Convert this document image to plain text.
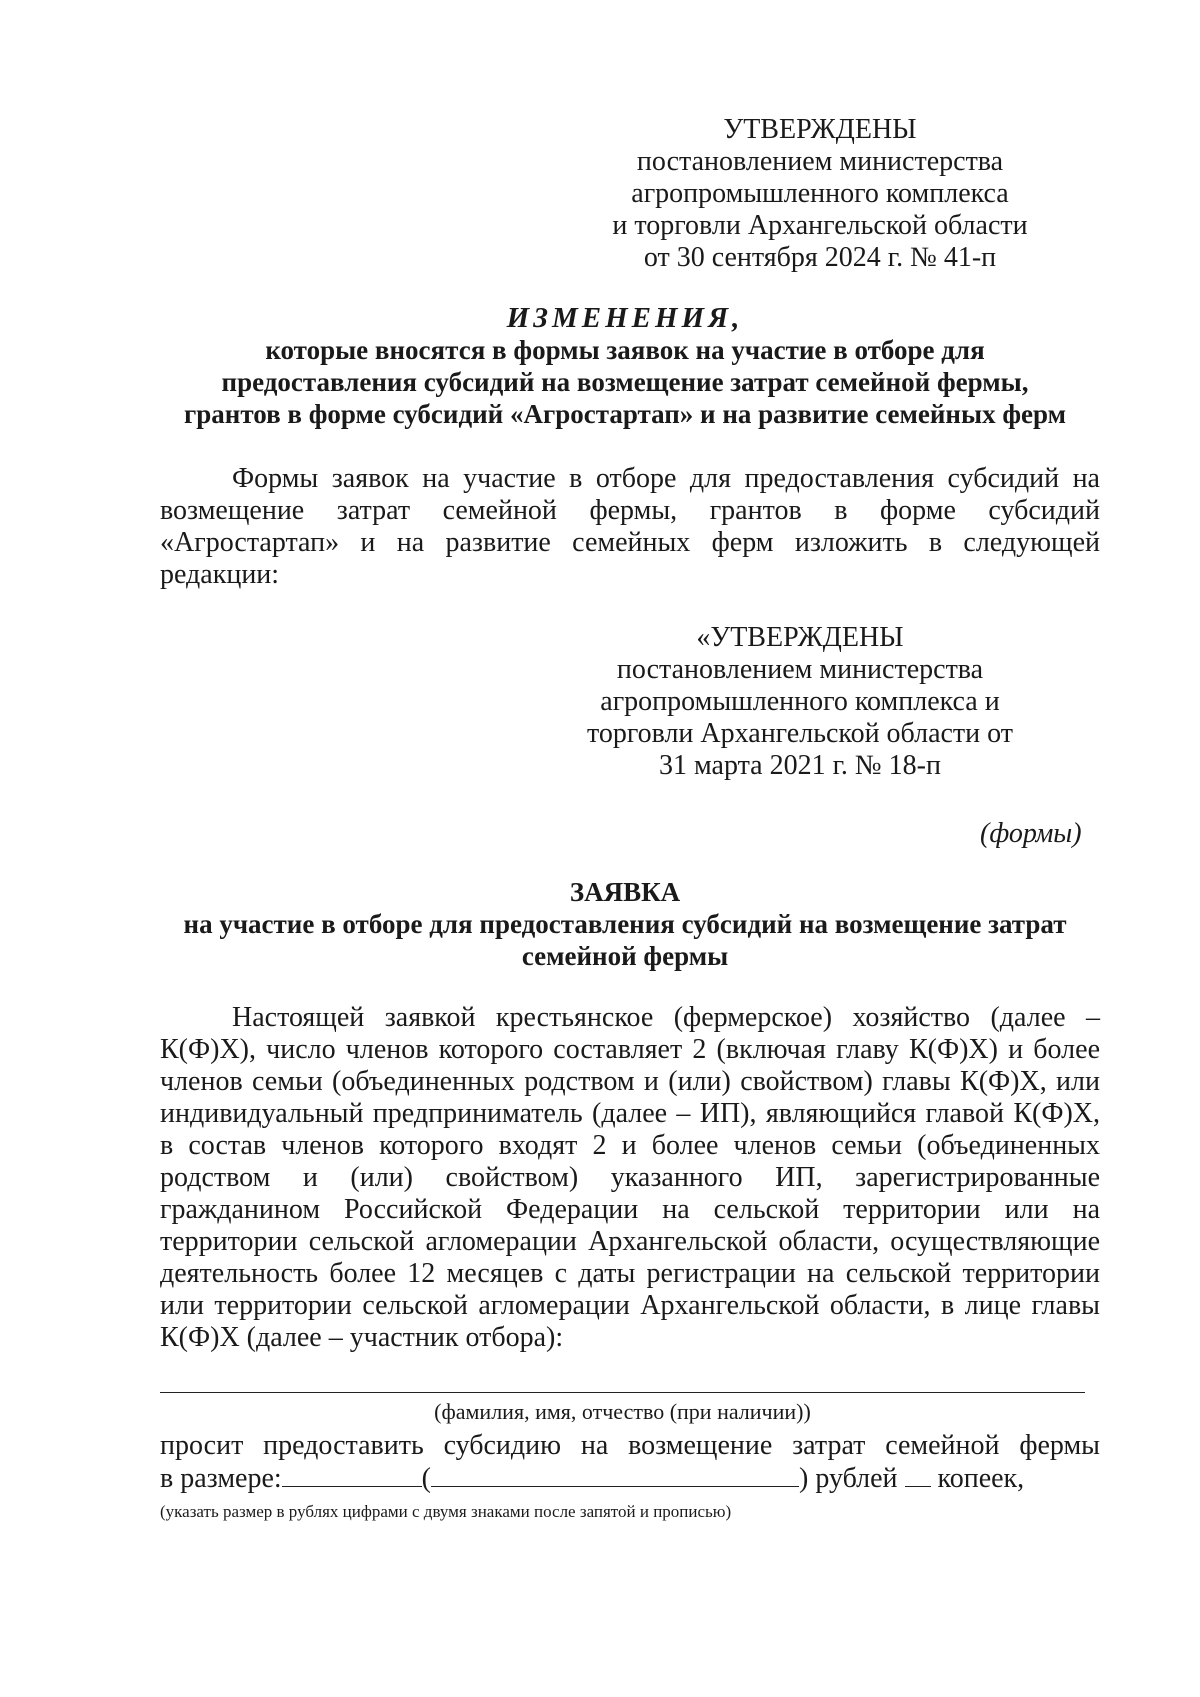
УТВЕРЖДЕНЫ
постановлением министерства
агропромышленного комплекса
и торговли Архангельской области
от 30 сентября 2024 г. № 41-п
ИЗМЕНЕНИЯ,
которые вносятся в формы заявок на участие в отборе для
предоставления субсидий на возмещение затрат семейной фермы,
грантов в форме субсидий «Агростартап» и на развитие семейных ферм
Формы заявок на участие в отборе для предоставления субсидий на возмещение затрат семейной фермы, грантов в форме субсидий «Агростартап» и на развитие семейных ферм изложить в следующей редакции:
«УТВЕРЖДЕНЫ
постановлением министерства
агропромышленного комплекса и
торговли Архангельской области от
31 марта 2021 г. № 18-п
(формы)
ЗАЯВКА
на участие в отборе для предоставления субсидий на возмещение затрат
семейной фермы
Настоящей заявкой крестьянское (фермерское) хозяйство (далее – К(Ф)Х), число членов которого составляет 2 (включая главу К(Ф)Х) и более членов семьи (объединенных родством и (или) свойством) главы К(Ф)Х, или индивидуальный предприниматель (далее – ИП), являющийся главой К(Ф)Х, в состав членов которого входят 2 и более членов семьи (объединенных родством и (или) свойством) указанного ИП, зарегистрированные гражданином Российской Федерации на сельской территории или на территории сельской агломерации Архангельской области, осуществляющие деятельность более 12 месяцев с даты регистрации на сельской территории или территории сельской агломерации Архангельской области, в лице главы К(Ф)Х (далее – участник отбора):
(фамилия, имя, отчество (при наличии))
просит предоставить субсидию на возмещение затрат семейной фермы
в размере:	(	) рублей копеек,
(указать размер в рублях цифрами с двумя знаками после запятой и прописью)
